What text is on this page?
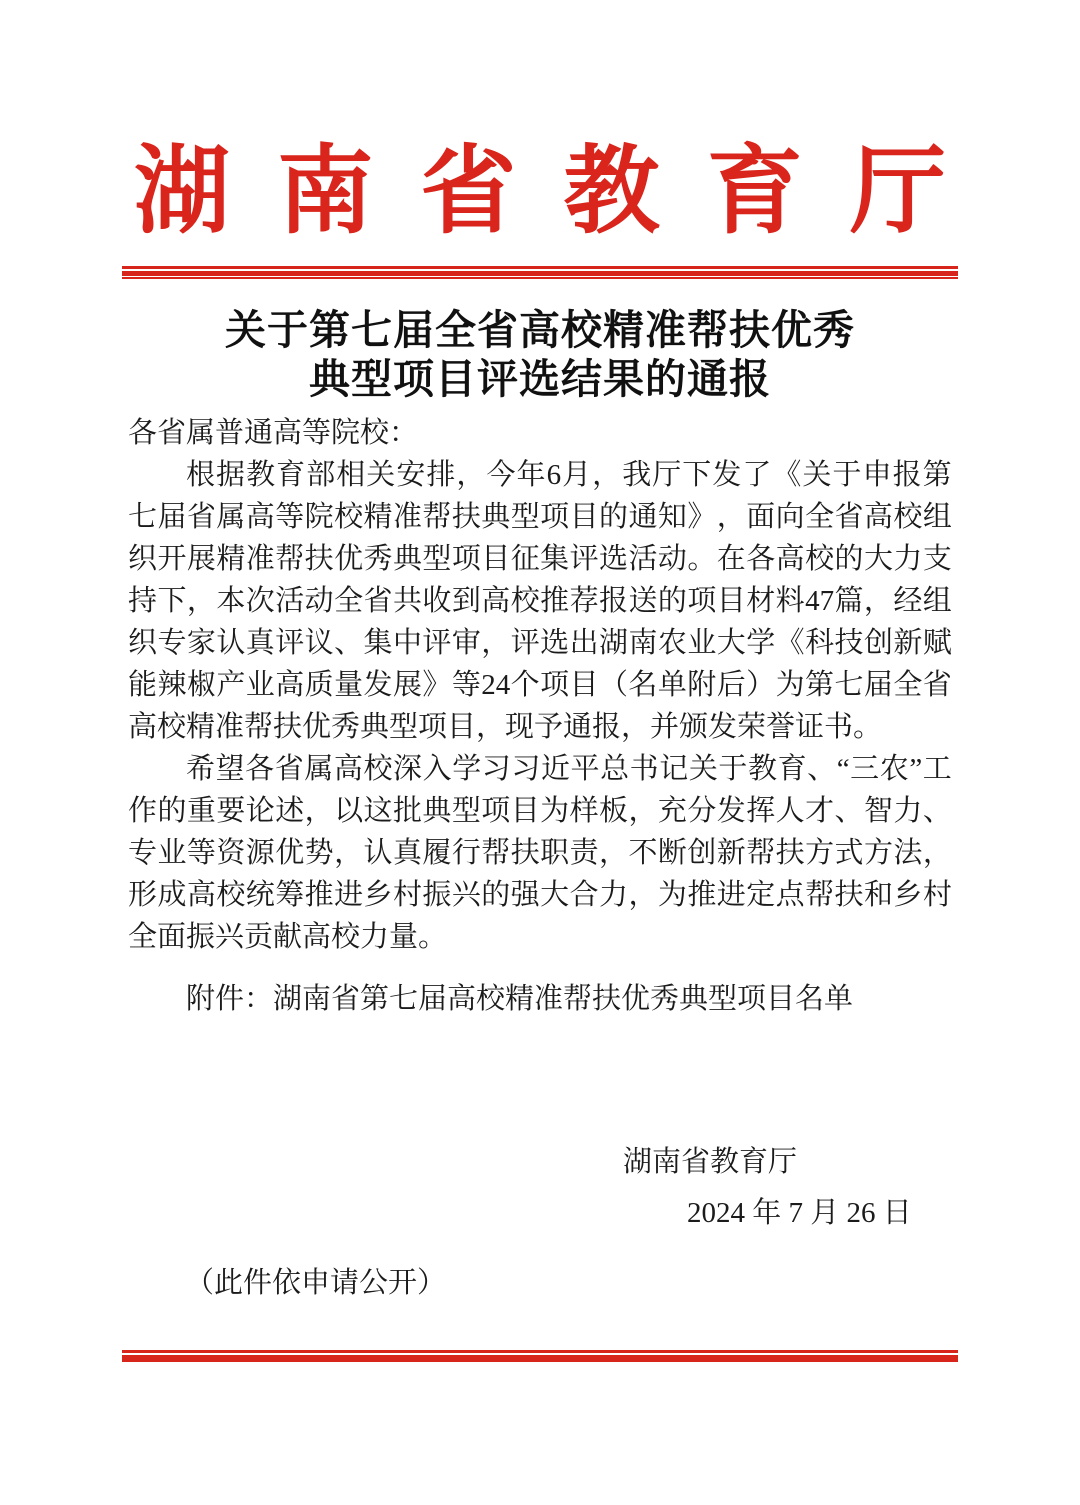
湖 南 省 教 育 厅
关于第七届全省高校精准帮扶优秀
典型项目评选结果的通报
各省属普通高等院校：
根 据 教 育 部 相 关 安 排 ， 今 年 6 月 ， 我 厅 下 发 了 《 关 于 申 报 第
七 届 省 属 高 等 院 校 精 准 帮 扶 典 型 项 目 的 通 知 》 ， 面 向 全 省 高 校 组
织 开 展 精 准 帮 扶 优 秀 典 型 项 目 征 集 评 选 活 动 。 在 各 高 校 的 大 力 支
持 下 ， 本 次 活 动 全 省 共 收 到 高 校 推 荐 报 送 的 项 目 材 料 47 篇 ， 经 组
织 专 家 认 真 评 议 、 集 中 评 审 ， 评 选 出 湖 南 农 业 大 学 《 科 技 创 新 赋
能 辣 椒 产 业 高 质 量 发 展 》 等 24 个 项 目 （ 名 单 附 后 ） 为 第 七 届 全 省
高校精准帮扶优秀典型项目，现予通报，并颁发荣誉证书。
希 望 各 省 属 高 校 深 入 学 习 习 近 平 总 书 记 关 于 教 育 、 “ 三 农 ” 工
作 的 重 要 论 述 ， 以 这 批 典 型 项 目 为 样 板 ， 充 分 发 挥 人 才 、 智 力 、
专 业 等 资 源 优 势 ， 认 真 履 行 帮 扶 职 责 ， 不 断 创 新 帮 扶 方 式 方 法 ，
形 成 高 校 统 筹 推 进 乡 村 振 兴 的 强 大 合 力 ， 为 推 进 定 点 帮 扶 和 乡 村
全面振兴贡献高校力量。
附件：湖南省第七届高校精准帮扶优秀典型项目名单
湖南省教育厅
2024 年 7 月 26 日
（此件依申请公开）
